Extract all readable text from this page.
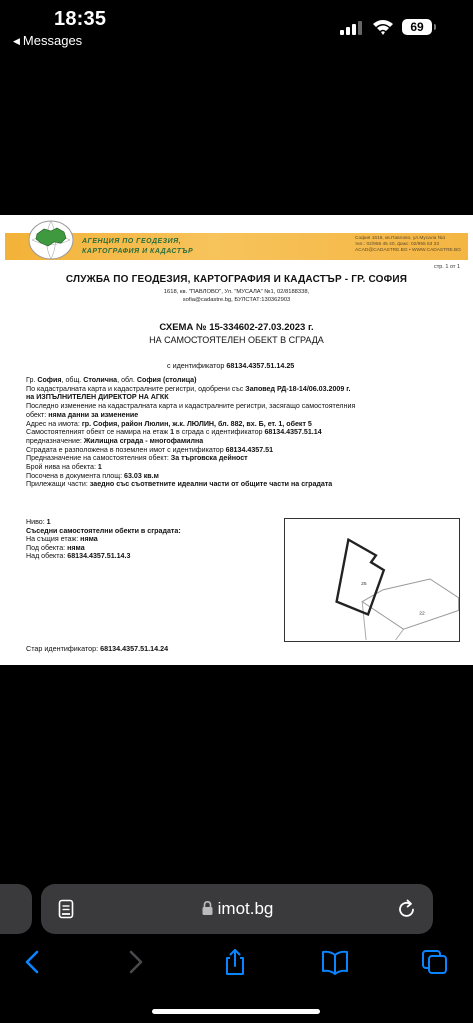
18:35
◀ Messages
69
АГЕНЦИЯ ПО ГЕОДЕЗИЯ,
КАРТОГРАФИЯ И КАДАСТЪР
София 1618, кв.Павлово, ул.Мусала №1
тел.: 02/955 45 40, факс: 02/955 53 33
ACAD@CADASTRE.BG • WWW.CADASTRE.BG
стр. 1 от 1
СЛУЖБА ПО ГЕОДЕЗИЯ, КАРТОГРАФИЯ И КАДАСТЪР - ГР. СОФИЯ
1618, кв. "ПАВЛОВО", Ул. "МУСАЛА" №1, 02/8188338,
sofia@cadastre.bg, БУЛСТАТ:130362903
СХЕМА № 15-334602-27.03.2023 г.
НА САМОСТОЯТЕЛЕН ОБЕКТ В СГРАДА
с идентификатор 68134.4357.51.14.25
Гр. София, общ. Столична, обл. София (столица)
По кадастралната карта и кадастралните регистри, одобрени със Заповед РД-18-14/06.03.2009 г.
на ИЗПЪЛНИТЕЛЕН ДИРЕКТОР НА АГКК
Последно изменение на кадастралната карта и кадастралните регистри, засягащо самостоятелния
обект: няма данни за изменение
Адрес на имота: гр. София, район Люлин, ж.к. ЛЮЛИН, бл. 882, вх. Б, ет. 1, обект 5
Самостоятелният обект се намира на етаж 1 в сграда с идентификатор 68134.4357.51.14
предназначение: Жилищна сграда - многофамилна
Сградата е разположена в поземлен имот с идентификатор 68134.4357.51
Предназначение на самостоятелния обект: За търговска дейност
Брой нива на обекта: 1
Посочена в документа площ: 63.03 кв.м
Прилежащи части: заедно със съответните идеални части от общите части на сградата
Ниво: 1
Съседни самостоятелни обекти в сградата:
На същия етаж: няма
Под обекта: няма
Над обекта: 68134.4357.51.14.3
25
22
Стар идентификатор: 68134.4357.51.14.24
imot.bg
